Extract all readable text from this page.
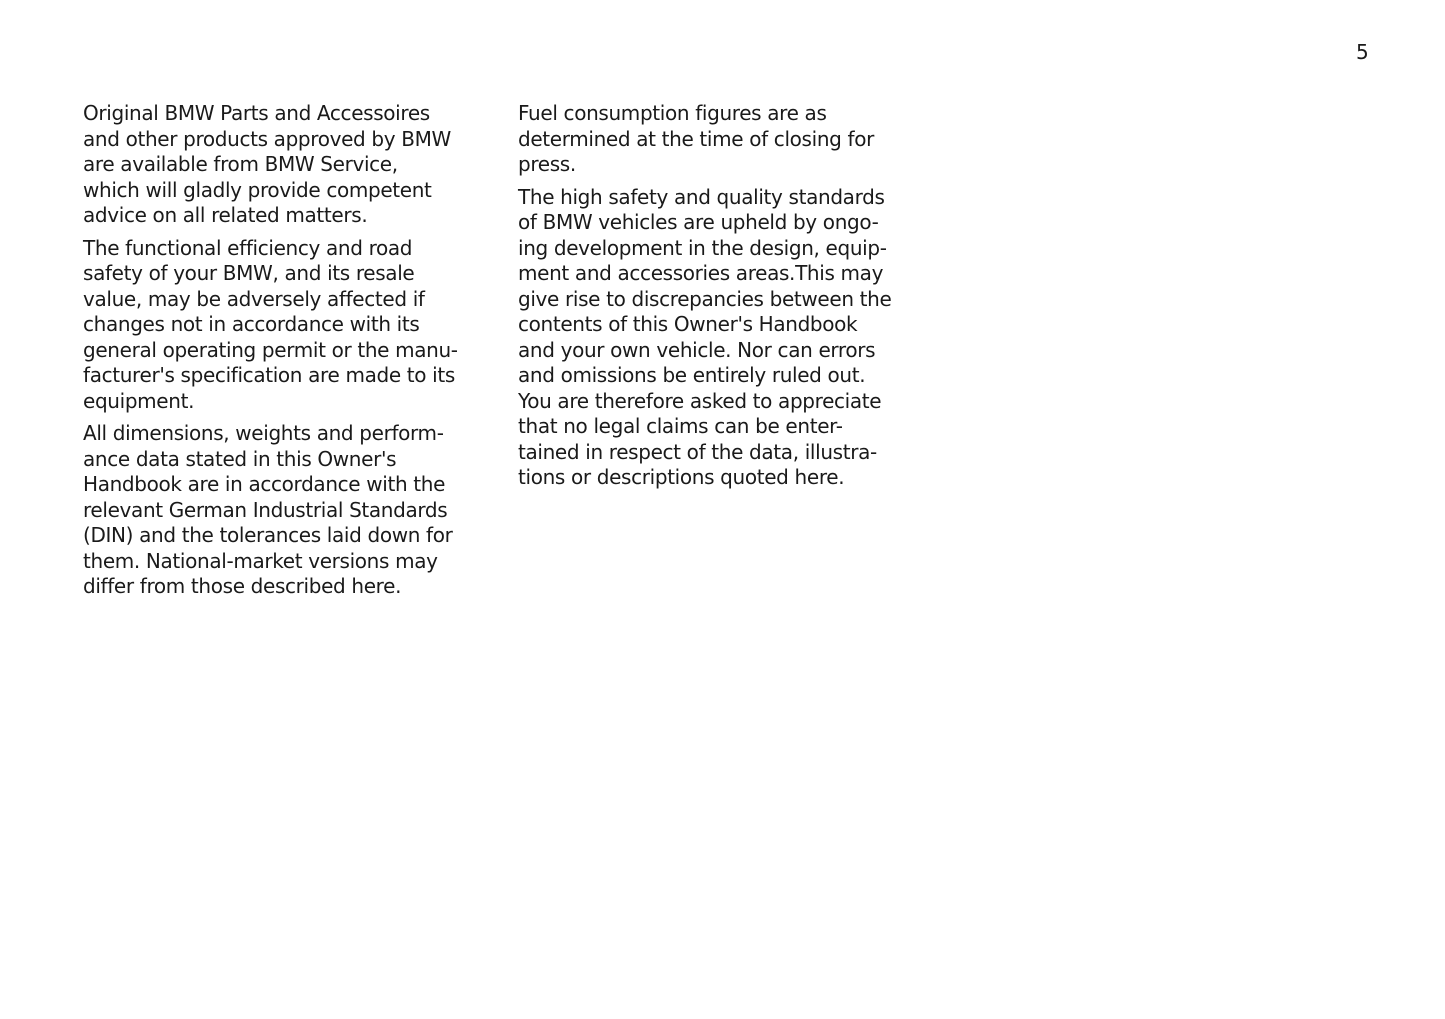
5

Original BMW Parts and Accessoires
and other products approved by BMW
are available from BMW Service,
which will gladly provide competent
advice on all related matters.

The functional efficiency and road
safety of your BMW, and its resale
value, may be adversely affected if
changes not in accordance with its
general operating permit or the manu-
facturer's specification are made to its
equipment.

All dimensions, weights and perform-
ance data stated in this Owner's
Handbook are in accordance with the
relevant German Industrial Standards
(DIN) and the tolerances laid down for
them. National-market versions may
differ from those described here.

Fuel consumption figures are as
determined at the time of closing for
press.

The high safety and quality standards
of BMW vehicles are upheld by ongo-
ing development in the design, equip-
ment and accessories areas.This may
give rise to discrepancies between the
contents of this Owner's Handbook
and your own vehicle. Nor can errors
and omissions be entirely ruled out.
You are therefore asked to appreciate
that no legal claims can be enter-
tained in respect of the data, illustra-
tions or descriptions quoted here.
